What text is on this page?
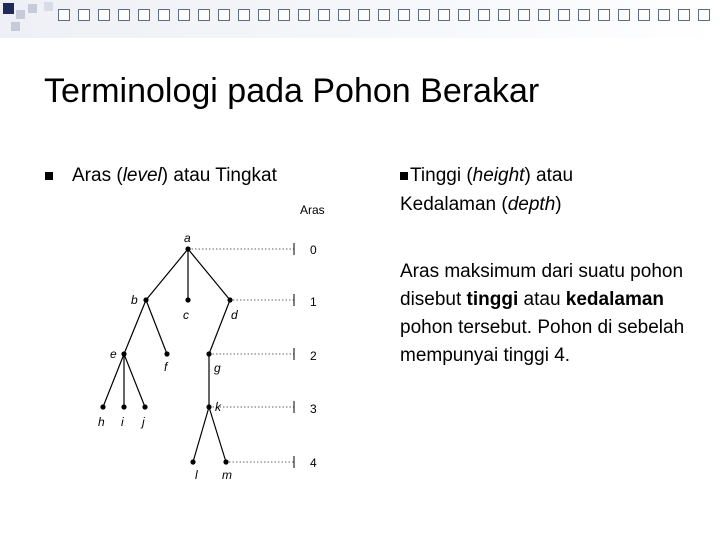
Terminologi pada Pohon Berakar
Aras (level) atau Tingkat	Tinggi (height) atau
Kedalaman (depth)
Aras maksimum dari suatu pohon disebut tinggi atau kedalaman pohon tersebut. Pohon di sebelah mempunyai tinggi 4.
Aras
0
1
2
3
4
a
b
c	d
e
f	g
h i j
k
l m
